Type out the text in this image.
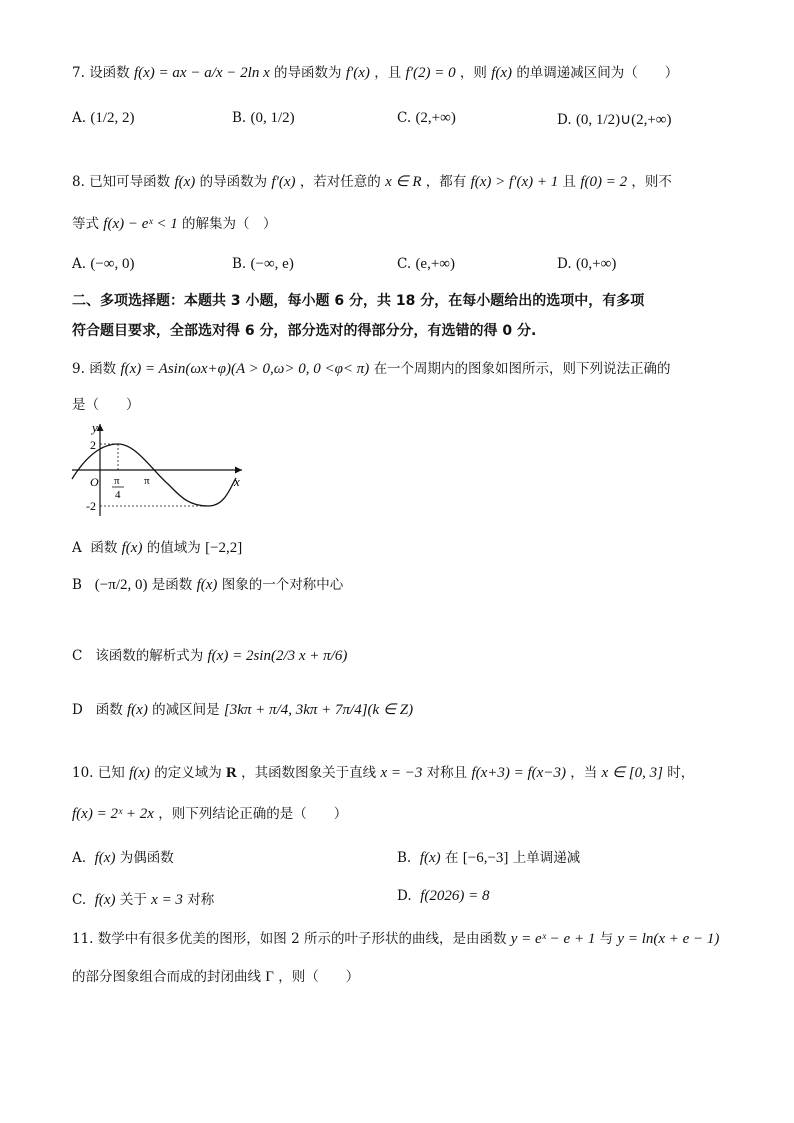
7. 设函数 f(x) = ax − a/x − 2ln x 的导函数为 f′(x) ，且 f′(2) = 0 ，则 f(x) 的单调递减区间为（　　）
A. (1/2, 2)	B. (0, 1/2)	C. (2,+∞)	D. (0, 1/2)∪(2,+∞)
8. 已知可导函数 f(x) 的导函数为 f′(x) ，若对任意的 x ∈ R ，都有 f(x) > f′(x) + 1 且 f(0) = 2 ，则不
等式 f(x) − eˣ < 1 的解集为（　）
A. (−∞, 0)	B. (−∞, e)	C. (e,+∞)	D. (0,+∞)
二、多项选择题：本题共 3 小题，每小题 6 分，共 18 分，在每小题给出的选项中，有多项
符合题目要求，全部选对得 6 分，部分选对的得部分分，有选错的得 0 分.
9. 函数 f(x) = Asin(ωx+φ)(A > 0,ω> 0, 0 <φ< π) 在一个周期内的图象如图所示，则下列说法正确的
是（　　）
y
x
2
O π
4
π
-2
A 函数 f(x) 的值域为 [−2,2]
B (−π/2, 0) 是函数 f(x) 图象的一个对称中心
C 该函数的解析式为 f(x) = 2sin(2/3 x + π/6)
D 函数 f(x) 的减区间是 [3kπ + π/4, 3kπ + 7π/4](k ∈ Z)
10. 已知 f(x) 的定义域为 R ，其函数图象关于直线 x = −3 对称且 f(x+3) = f(x−3) ，当 x ∈ [0, 3] 时，
f(x) = 2ˣ + 2x ，则下列结论正确的是（　　）
A. f(x) 为偶函数	B. f(x) 在 [−6,−3] 上单调递减
C. f(x) 关于 x = 3 对称	D. f(2026) = 8
11. 数学中有很多优美的图形，如图 2 所示的叶子形状的曲线，是由函数 y = eˣ − e + 1 与 y = ln(x + e − 1)
的部分图象组合而成的封闭曲线 Γ ，则（　　）
